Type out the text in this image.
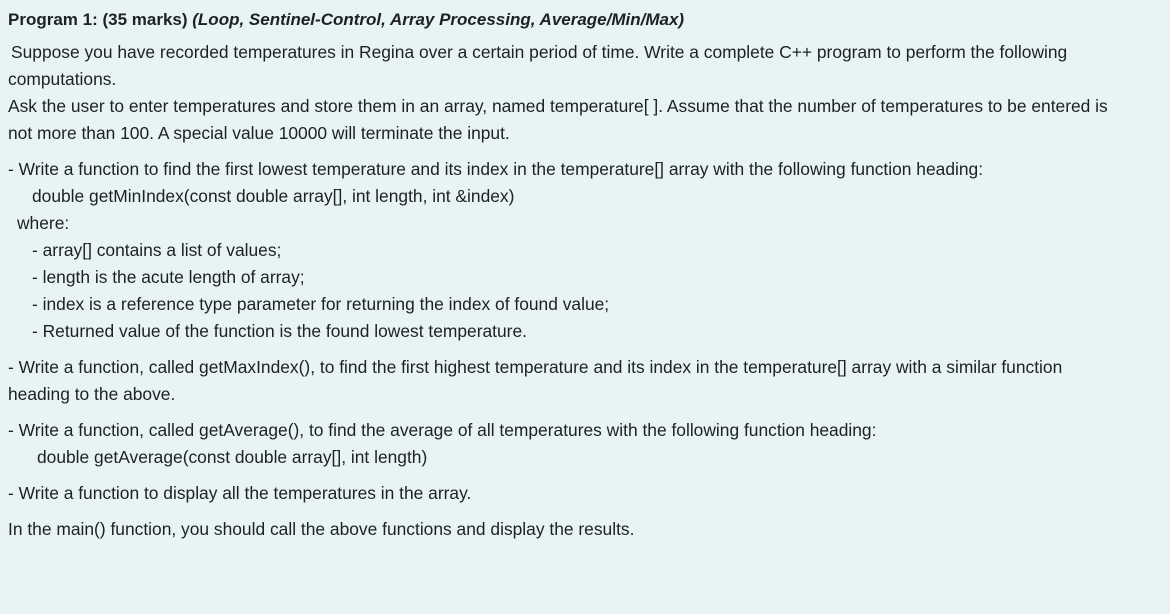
Program 1: (35 marks) (Loop, Sentinel-Control, Array Processing, Average/Min/Max)
Suppose you have recorded temperatures in Regina over a certain period of time. Write a complete C++ program to perform the following
computations.
Ask the user to enter temperatures and store them in an array, named temperature[ ]. Assume that the number of temperatures to be entered is
not more than 100. A special value 10000 will terminate the input.
- Write a function to find the first lowest temperature and its index in the temperature[] array with the following function heading:
double getMinIndex(const double array[], int length, int &index)
where:
- array[] contains a list of values;
- length is the acute length of array;
- index is a reference type parameter for returning the index of found value;
- Returned value of the function is the found lowest temperature.
- Write a function, called getMaxIndex(), to find the first highest temperature and its index in the temperature[] array with a similar function
heading to the above.
- Write a function, called getAverage(), to find the average of all temperatures with the following function heading:
double getAverage(const double array[], int length)
- Write a function to display all the temperatures in the array.
In the main() function, you should call the above functions and display the results.
